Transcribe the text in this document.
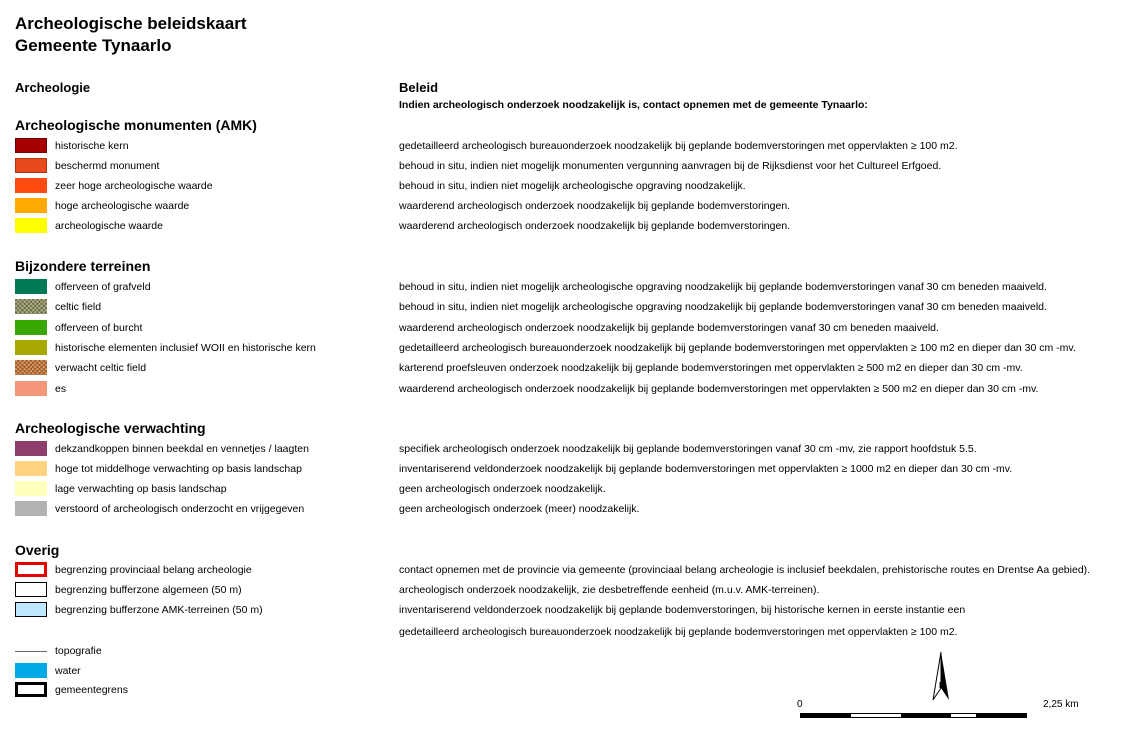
Archeologische beleidskaart
Gemeente Tynaarlo
Archeologie	Beleid
Indien archeologisch onderzoek noodzakelijk is, contact opnemen met de gemeente Tynaarlo:
Archeologische monumenten (AMK)
historische kern	gedetailleerd archeologisch bureauonderzoek noodzakelijk bij geplande bodemverstoringen met oppervlakten ≥ 100 m2.
beschermd monument	behoud in situ, indien niet mogelijk monumenten vergunning aanvragen bij de Rijksdienst voor het Cultureel Erfgoed.
zeer hoge archeologische waarde	behoud in situ, indien niet mogelijk archeologische opgraving noodzakelijk.
hoge archeologische waarde	waarderend archeologisch onderzoek noodzakelijk bij geplande bodemverstoringen.
archeologische waarde	waarderend archeologisch onderzoek noodzakelijk bij geplande bodemverstoringen.
Bijzondere terreinen
offerveen of grafveld	behoud in situ, indien niet mogelijk archeologische opgraving noodzakelijk bij geplande bodemverstoringen vanaf 30 cm beneden maaiveld.
celtic field	behoud in situ, indien niet mogelijk archeologische opgraving noodzakelijk bij geplande bodemverstoringen vanaf 30 cm beneden maaiveld.
offerveen of burcht	waarderend archeologisch onderzoek noodzakelijk bij geplande bodemverstoringen vanaf 30 cm beneden maaiveld.
historische elementen inclusief WOII en historische kern	gedetailleerd archeologisch bureauonderzoek noodzakelijk bij geplande bodemverstoringen met oppervlakten ≥ 100 m2 en dieper dan 30 cm -mv.
verwacht celtic field	karterend proefsleuven onderzoek noodzakelijk bij geplande bodemverstoringen met oppervlakten ≥ 500 m2 en dieper dan 30 cm -mv.
es	waarderend archeologisch onderzoek noodzakelijk bij geplande bodemverstoringen met oppervlakten ≥ 500 m2 en dieper dan 30 cm -mv.
Archeologische verwachting
dekzandkoppen binnen beekdal en vennetjes / laagten	specifiek archeologisch onderzoek noodzakelijk bij geplande bodemverstoringen vanaf 30 cm -mv, zie rapport hoofdstuk 5.5.
hoge tot middelhoge verwachting op basis landschap	inventariserend veldonderzoek noodzakelijk bij geplande bodemverstoringen met oppervlakten ≥ 1000 m2 en dieper dan 30 cm -mv.
lage verwachting op basis landschap	geen archeologisch onderzoek noodzakelijk.
verstoord of archeologisch onderzocht en vrijgegeven	geen archeologisch onderzoek (meer) noodzakelijk.
Overig
begrenzing provinciaal belang archeologie	contact opnemen met de provincie via gemeente (provinciaal belang archeologie is inclusief beekdalen, prehistorische routes en Drentse Aa gebied).
begrenzing bufferzone algemeen (50 m)	archeologisch onderzoek noodzakelijk, zie desbetreffende eenheid (m.u.v. AMK-terreinen).
begrenzing bufferzone AMK-terreinen (50 m)	inventariserend veldonderzoek noodzakelijk bij geplande bodemverstoringen, bij historische kernen in eerste instantie een
gedetailleerd archeologisch bureauonderzoek noodzakelijk bij geplande bodemverstoringen met oppervlakten ≥ 100 m2.
topografie
water
gemeentegrens	N
0	2,25 km
